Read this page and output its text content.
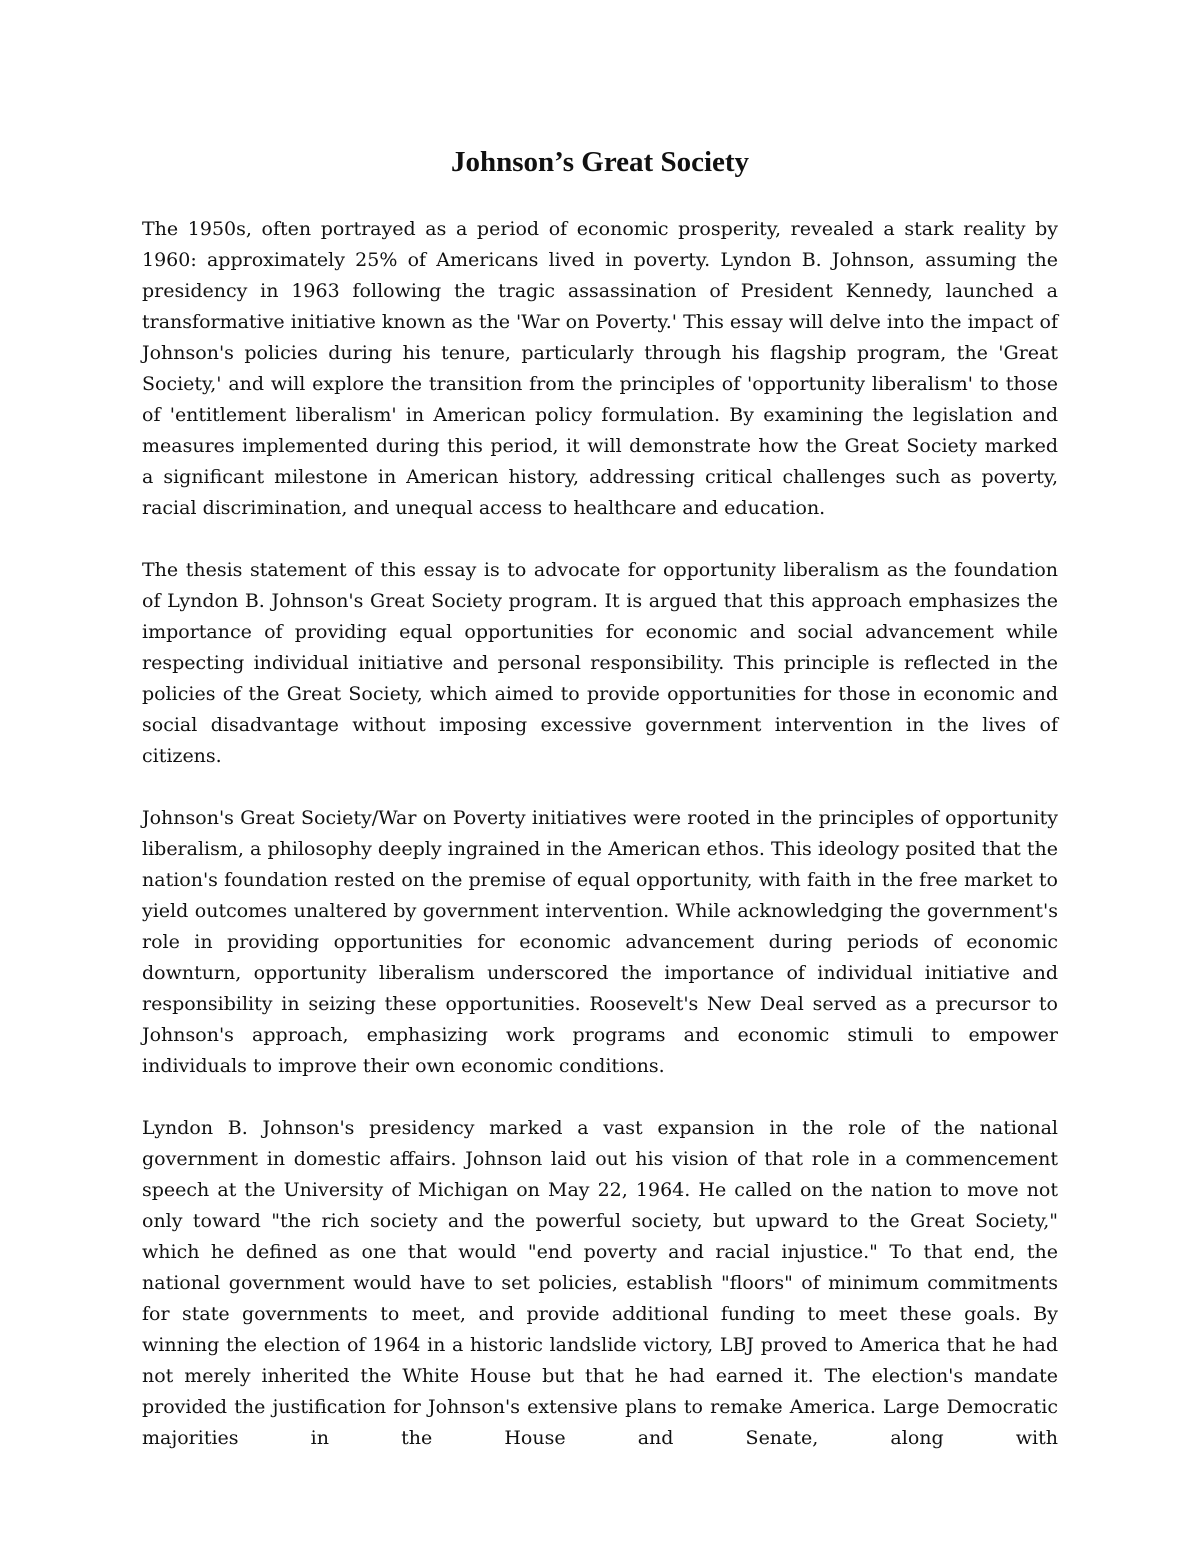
Johnson’s Great Society

The 1950s, often portrayed as a period of economic prosperity, revealed a stark reality by 1960: approximately 25% of Americans lived in poverty. Lyndon B. Johnson, assuming the presidency in 1963 following the tragic assassination of President Kennedy, launched a transformative initiative known as the 'War on Poverty.' This essay will delve into the impact of Johnson's policies during his tenure, particularly through his flagship program, the 'Great Society,' and will explore the transition from the principles of 'opportunity liberalism' to those of 'entitlement liberalism' in American policy formulation. By examining the legislation and measures implemented during this period, it will demonstrate how the Great Society marked a significant milestone in American history, addressing critical challenges such as poverty, racial discrimination, and unequal access to healthcare and education.

The thesis statement of this essay is to advocate for opportunity liberalism as the foundation of Lyndon B. Johnson's Great Society program. It is argued that this approach emphasizes the importance of providing equal opportunities for economic and social advancement while respecting individual initiative and personal responsibility. This principle is reflected in the policies of the Great Society, which aimed to provide opportunities for those in economic and social disadvantage without imposing excessive government intervention in the lives of citizens.

Johnson's Great Society/War on Poverty initiatives were rooted in the principles of opportunity liberalism, a philosophy deeply ingrained in the American ethos. This ideology posited that the nation's foundation rested on the premise of equal opportunity, with faith in the free market to yield outcomes unaltered by government intervention. While acknowledging the government's role in providing opportunities for economic advancement during periods of economic downturn, opportunity liberalism underscored the importance of individual initiative and responsibility in seizing these opportunities. Roosevelt's New Deal served as a precursor to Johnson's approach, emphasizing work programs and economic stimuli to empower individuals to improve their own economic conditions.

Lyndon B. Johnson's presidency marked a vast expansion in the role of the national government in domestic affairs. Johnson laid out his vision of that role in a commencement speech at the University of Michigan on May 22, 1964. He called on the nation to move not only toward "the rich society and the powerful society, but upward to the Great Society," which he defined as one that would "end poverty and racial injustice." To that end, the national government would have to set policies, establish "floors" of minimum commitments for state governments to meet, and provide additional funding to meet these goals. By winning the election of 1964 in a historic landslide victory, LBJ proved to America that he had not merely inherited the White House but that he had earned it. The election's mandate provided the justification for Johnson's extensive plans to remake America. Large Democratic majorities in the House and Senate, along with
